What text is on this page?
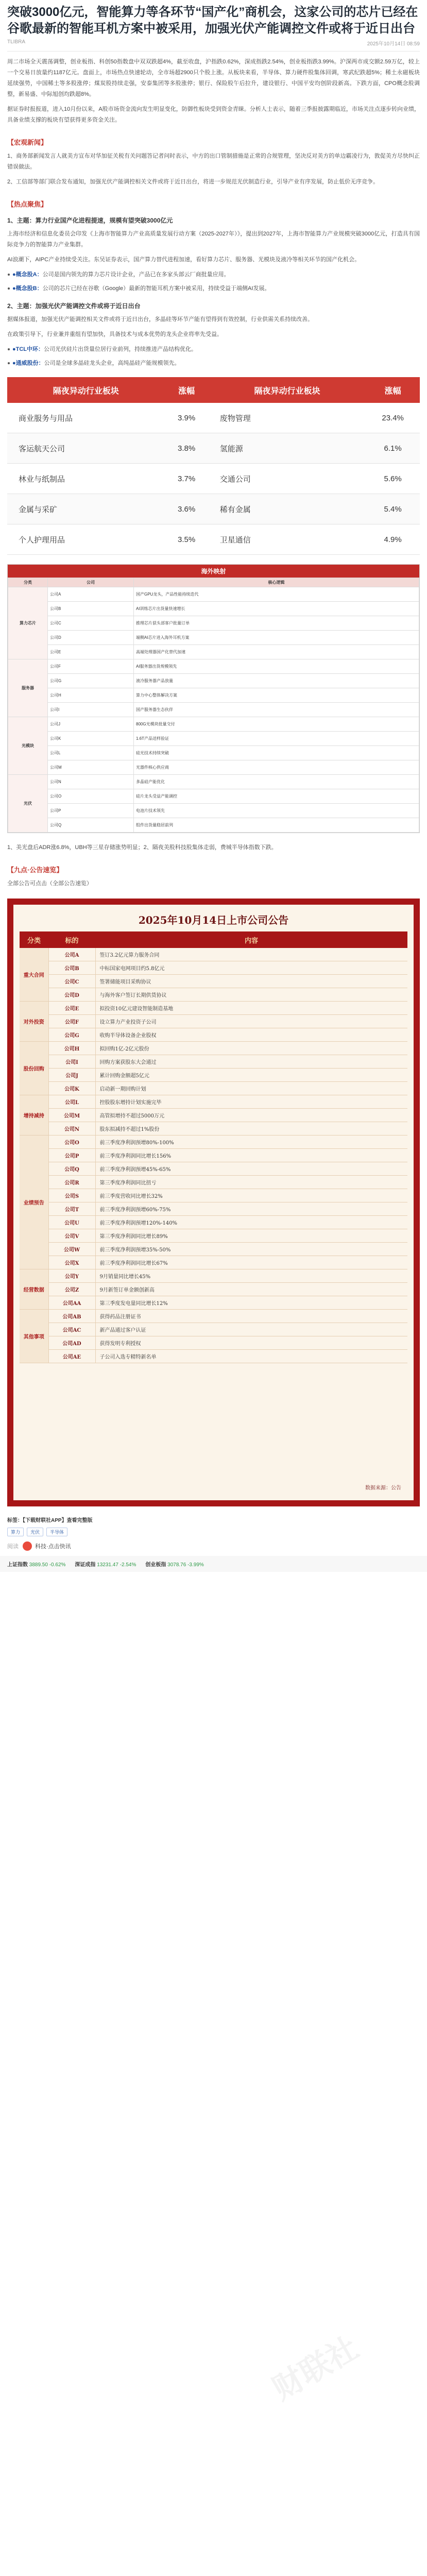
财联社
突破3000亿元，智能算力等各环节“国产化”商机会，这家公司的芯片已经在谷歌最新的智能耳机方案中被采用，加强光伏产能调控文件或将于近日出台
TLIBRA	2025年10月14日 08:59

周二市场全天震荡调整，创业板指、科创50指数盘中双双跌超4%，截至收盘，沪指跌0.62%，深成指跌2.54%，创业板指跌3.99%。沪深两市成交额2.59万亿，较上一个交易日放量约1187亿元。盘面上，市场热点快速轮动，全市场超2900只个股上涨。从板块来看，半导体、算力硬件股集体回调，寒武纪跌超5%；稀土永磁板块延续强势，中国稀土等多股涨停；煤炭股持续走强，安泰集团等多股涨停；银行、保险股午后拉升，建设银行、中国平安均创阶段新高。下跌方面，CPO概念股调整，新易盛、中际旭创均跌超8%。

据证券时报报道，进入10月份以来，A股市场资金流向发生明显变化，防御性板块受到资金青睐。分析人士表示，随着三季报披露期临近，市场关注点逐步转向业绩，具备业绩支撑的板块有望获得更多资金关注。

【宏观新闻】

1、商务部新闻发言人就美方宣布对华加征关税有关问题答记者问时表示，中方的出口管制措施是正常的合规管理，坚决反对美方的单边霸凌行为，敦促美方尽快纠正错误做法。

2、工信部等部门联合发布通知，加强光伏产能调控相关文件或将于近日出台，将进一步规范光伏制造行业，引导产业有序发展，防止低价无序竞争。

【热点聚焦】
1、主题：算力行业国产化进程提速，规模有望突破3000亿元

上海市经济和信息化委员会印发《上海市智能算力产业高质量发展行动方案（2025-2027年）》，提出到2027年，上海市智能算力产业规模突破3000亿元，打造具有国际竞争力的智能算力产业集群。

AI浪潮下，AIPC产业持续受关注。东吴证券表示，国产算力替代进程加速，看好算力芯片、服务器、光模块及液冷等相关环节的国产化机会。

●概念股A：公司是国内领先的算力芯片设计企业，产品已在多家头部云厂商批量应用。
●概念股B：公司的芯片已经在谷歌（Google）最新的智能耳机方案中被采用，持续受益于端侧AI发展。
2、主题：加强光伏产能调控文件或将于近日出台

据媒体报道，加强光伏产能调控相关文件或将于近日出台，多晶硅等环节产能有望得到有效控制，行业供需关系持续改善。

在政策引导下，行业兼并重组有望加快，具备技术与成本优势的龙头企业将率先受益。

●TCL中环：公司光伏硅片出货量位居行业前列，持续推进产品结构优化。
●通威股份：公司是全球多晶硅龙头企业，高纯晶硅产能规模领先。
隔夜异动行业板块	涨幅	隔夜异动行业板块	涨幅
商业服务与用品	3.9%	废物管理	23.4%
客运航天公司	3.8%	氢能源	6.1%
林业与纸制品	3.7%	交通公司	5.6%
金属与采矿	3.6%	稀有金属	5.4%
个人护理用品	3.5%	卫星通信	4.9%
海外映射
分类	公司	核心逻辑
算力芯片	公司A	国产GPU龙头，产品性能持续迭代
	公司B	AI训练芯片出货量快速增长
	公司C	推理芯片获头部客户批量订单
	公司D	端侧AI芯片进入海外耳机方案
	公司E	高端处理器国产化替代加速
服务器	公司F	AI服务器出货规模领先
	公司G	液冷服务器产品放量
	公司H	算力中心整体解决方案
	公司I	国产服务器生态伙伴
光模块	公司J	800G光模块批量交付
	公司K	1.6T产品送样验证
	公司L	硅光技术持续突破
	公司M	光器件核心供应商
光伏	公司N	多晶硅产能优化
	公司O	硅片龙头受益产能调控
	公司P	电池片技术领先
	公司Q	组件出货量稳居前列

1、美光盘后ADR涨6.8%，UBH等三星存储涨势明显；2、隔夜美股科技股集体走弱，费城半导体指数下跌。

【九点·公告速览】

全部公告可点击（全部公告速览）

2025年10月14日上市公司公告
分类	标的	内容
重大合同	公司A	签订3.2亿元算力服务合同
	公司B	中标国家电网项目约5.8亿元
	公司C	签署储能项目采购协议
	公司D	与海外客户签订长期供货协议
对外投资	公司E	拟投资10亿元建设智能制造基地
	公司F	设立算力产业投资子公司
	公司G	收购半导体设备企业股权
股份回购	公司H	拟回购1亿-2亿元股份
	公司I	回购方案获股东大会通过
	公司J	累计回购金额超5亿元
	公司K	启动新一期回购计划
增持减持	公司L	控股股东增持计划实施完毕
	公司M	高管拟增持不超过5000万元
	公司N	股东拟减持不超过1%股份
业绩预告	公司O	前三季度净利润预增80%-100%
	公司P	前三季度净利润同比增长156%
	公司Q	前三季度净利润预增45%-65%
	公司R	第三季度净利润同比扭亏
	公司S	前三季度营收同比增长32%
	公司T	前三季度净利润预增60%-75%
	公司U	前三季度净利润预增120%-140%
	公司V	第三季度净利润同比增长89%
	公司W	前三季度净利润预增35%-50%
	公司X	前三季度净利润同比增长67%
经营数据	公司Y	9月销量同比增长45%
	公司Z	9月新签订单金额创新高
	公司AA	第三季度发电量同比增长12%
其他事项	公司AB	获得药品注册证书
	公司AC	新产品通过客户认证
	公司AD	获得发明专利授权
	公司AE	子公司入选专精特新名单
数据来源：公告
标签：【下载财联社APP】查看完整版
算力	光伏	半导体
阅读	科技·点击快讯
上证指数 3889.50 -0.62% 深证成指 13231.47 -2.54% 创业板指 3078.76 -3.99%
